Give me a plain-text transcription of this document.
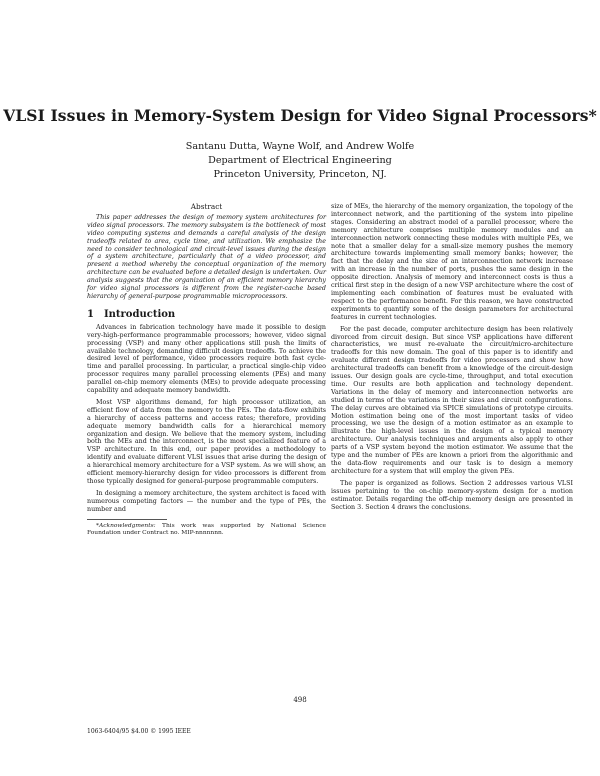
VLSI Issues in Memory-System Design for Video Signal Processors*
Santanu Dutta, Wayne Wolf, and Andrew Wolfe
Department of Electrical Engineering
Princeton University, Princeton, NJ.
Abstract

This paper addresses the design of memory system architectures for video signal processors. The memory subsystem is the bottleneck of most video computing systems and demands a careful analysis of the design tradeoffs related to area, cycle time, and utilization. We emphasize the need to consider technological and circuit-level issues during the design of a system architecture, particularly that of a video processor, and present a method whereby the conceptual organization of the memory architecture can be evaluated before a detailed design is undertaken. Our analysis suggests that the organization of an efficient memory hierarchy for video signal processors is different from the register-cache based hierarchy of general-purpose programmable microprocessors.

1 Introduction

Advances in fabrication technology have made it possible to design very-high-performance programmable processors; however, video signal processing (VSP) and many other applications still push the limits of available technology, demanding difficult design tradeoffs. To achieve the desired level of performance, video processors require both fast cycle-time and parallel processing. In particular, a practical single-chip video processor requires many parallel processing elements (PEs) and many parallel on-chip memory elements (MEs) to provide adequate processing capability and adequate memory bandwidth.

Most VSP algorithms demand, for high processor utilization, an efficient flow of data from the memory to the PEs. The data-flow exhibits a hierarchy of access patterns and access rates; therefore, providing adequate memory bandwidth calls for a hierarchical memory organization and design. We believe that the memory system, including both the MEs and the interconnect, is the most specialized feature of a VSP architecture. In this end, our paper provides a methodology to identify and evaluate different VLSI issues that arise during the design of a hierarchical memory architecture for a VSP system. As we will show, an efficient memory-hierarchy design for video processors is different from those typically designed for general-purpose programmable computers.

In designing a memory architecture, the system architect is faced with numerous competing factors — the number and the type of PEs, the number and

*Acknowledgments: This work was supported by National Science Foundation under Contract no. MIP-nnnnnnn.

size of MEs, the hierarchy of the memory organization, the topology of the interconnect network, and the partitioning of the system into pipeline stages. Considering an abstract model of a parallel processor, where the memory architecture comprises multiple memory modules and an interconnection network connecting these modules with multiple PEs, we note that a smaller delay for a small-size memory pushes the memory architecture towards implementing small memory banks; however, the fact that the delay and the size of an interconnection network increase with an increase in the number of ports, pushes the same design in the opposite direction. Analysis of memory and interconnect costs is thus a critical first step in the design of a new VSP architecture where the cost of implementing each combination of features must be evaluated with respect to the performance benefit. For this reason, we have constructed experiments to quantify some of the design parameters for architectural features in current technologies.

For the past decade, computer architecture design has been relatively divorced from circuit design. But since VSP applications have different characteristics, we must re-evaluate the circuit/micro-architecture tradeoffs for this new domain. The goal of this paper is to identify and evaluate different design tradeoffs for video processors and show how architectural tradeoffs can benefit from a knowledge of the circuit-design issues. Our design goals are cycle-time, throughput, and total execution time. Our results are both application and technology dependent. Variations in the delay of memory and interconnection networks are studied in terms of the variations in their sizes and circuit configurations. The delay curves are obtained via SPICE simulations of prototype circuits. Motion estimation being one of the most important tasks of video processing, we use the design of a motion estimator as an example to illustrate the high-level issues in the design of a typical memory architecture. Our analysis techniques and arguments also apply to other parts of a VSP system beyond the motion estimator. We assume that the type and the number of PEs are known a priori from the algorithmic and the data-flow requirements and our task is to design a memory architecture for a system that will employ the given PEs.

The paper is organized as follows. Section 2 addresses various VLSI issues pertaining to the on-chip memory-system design for a motion estimator. Details regarding the off-chip memory design are presented in Section 3. Section 4 draws the conclusions.

498
1063-6404/95 $4.00 © 1995 IEEE
